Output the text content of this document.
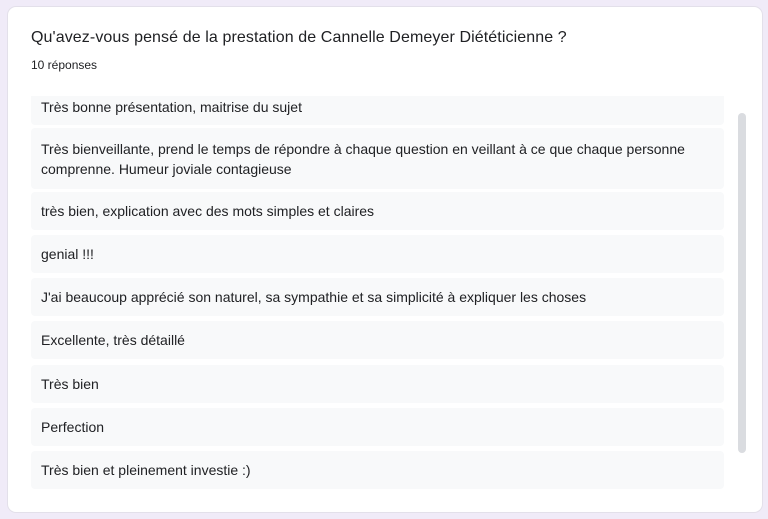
Qu'avez-vous pensé de la prestation de Cannelle Demeyer Diététicienne ?
10 réponses
Très bonne présentation, maitrise du sujet
Très bienveillante, prend le temps de répondre à chaque question en veillant à ce que chaque personne comprenne. Humeur joviale contagieuse
très bien, explication avec des mots simples et claires
genial !!!
J'ai beaucoup apprécié son naturel, sa sympathie et sa simplicité à expliquer les choses
Excellente, très détaillé
Très bien
Perfection
Très bien et pleinement investie :)
